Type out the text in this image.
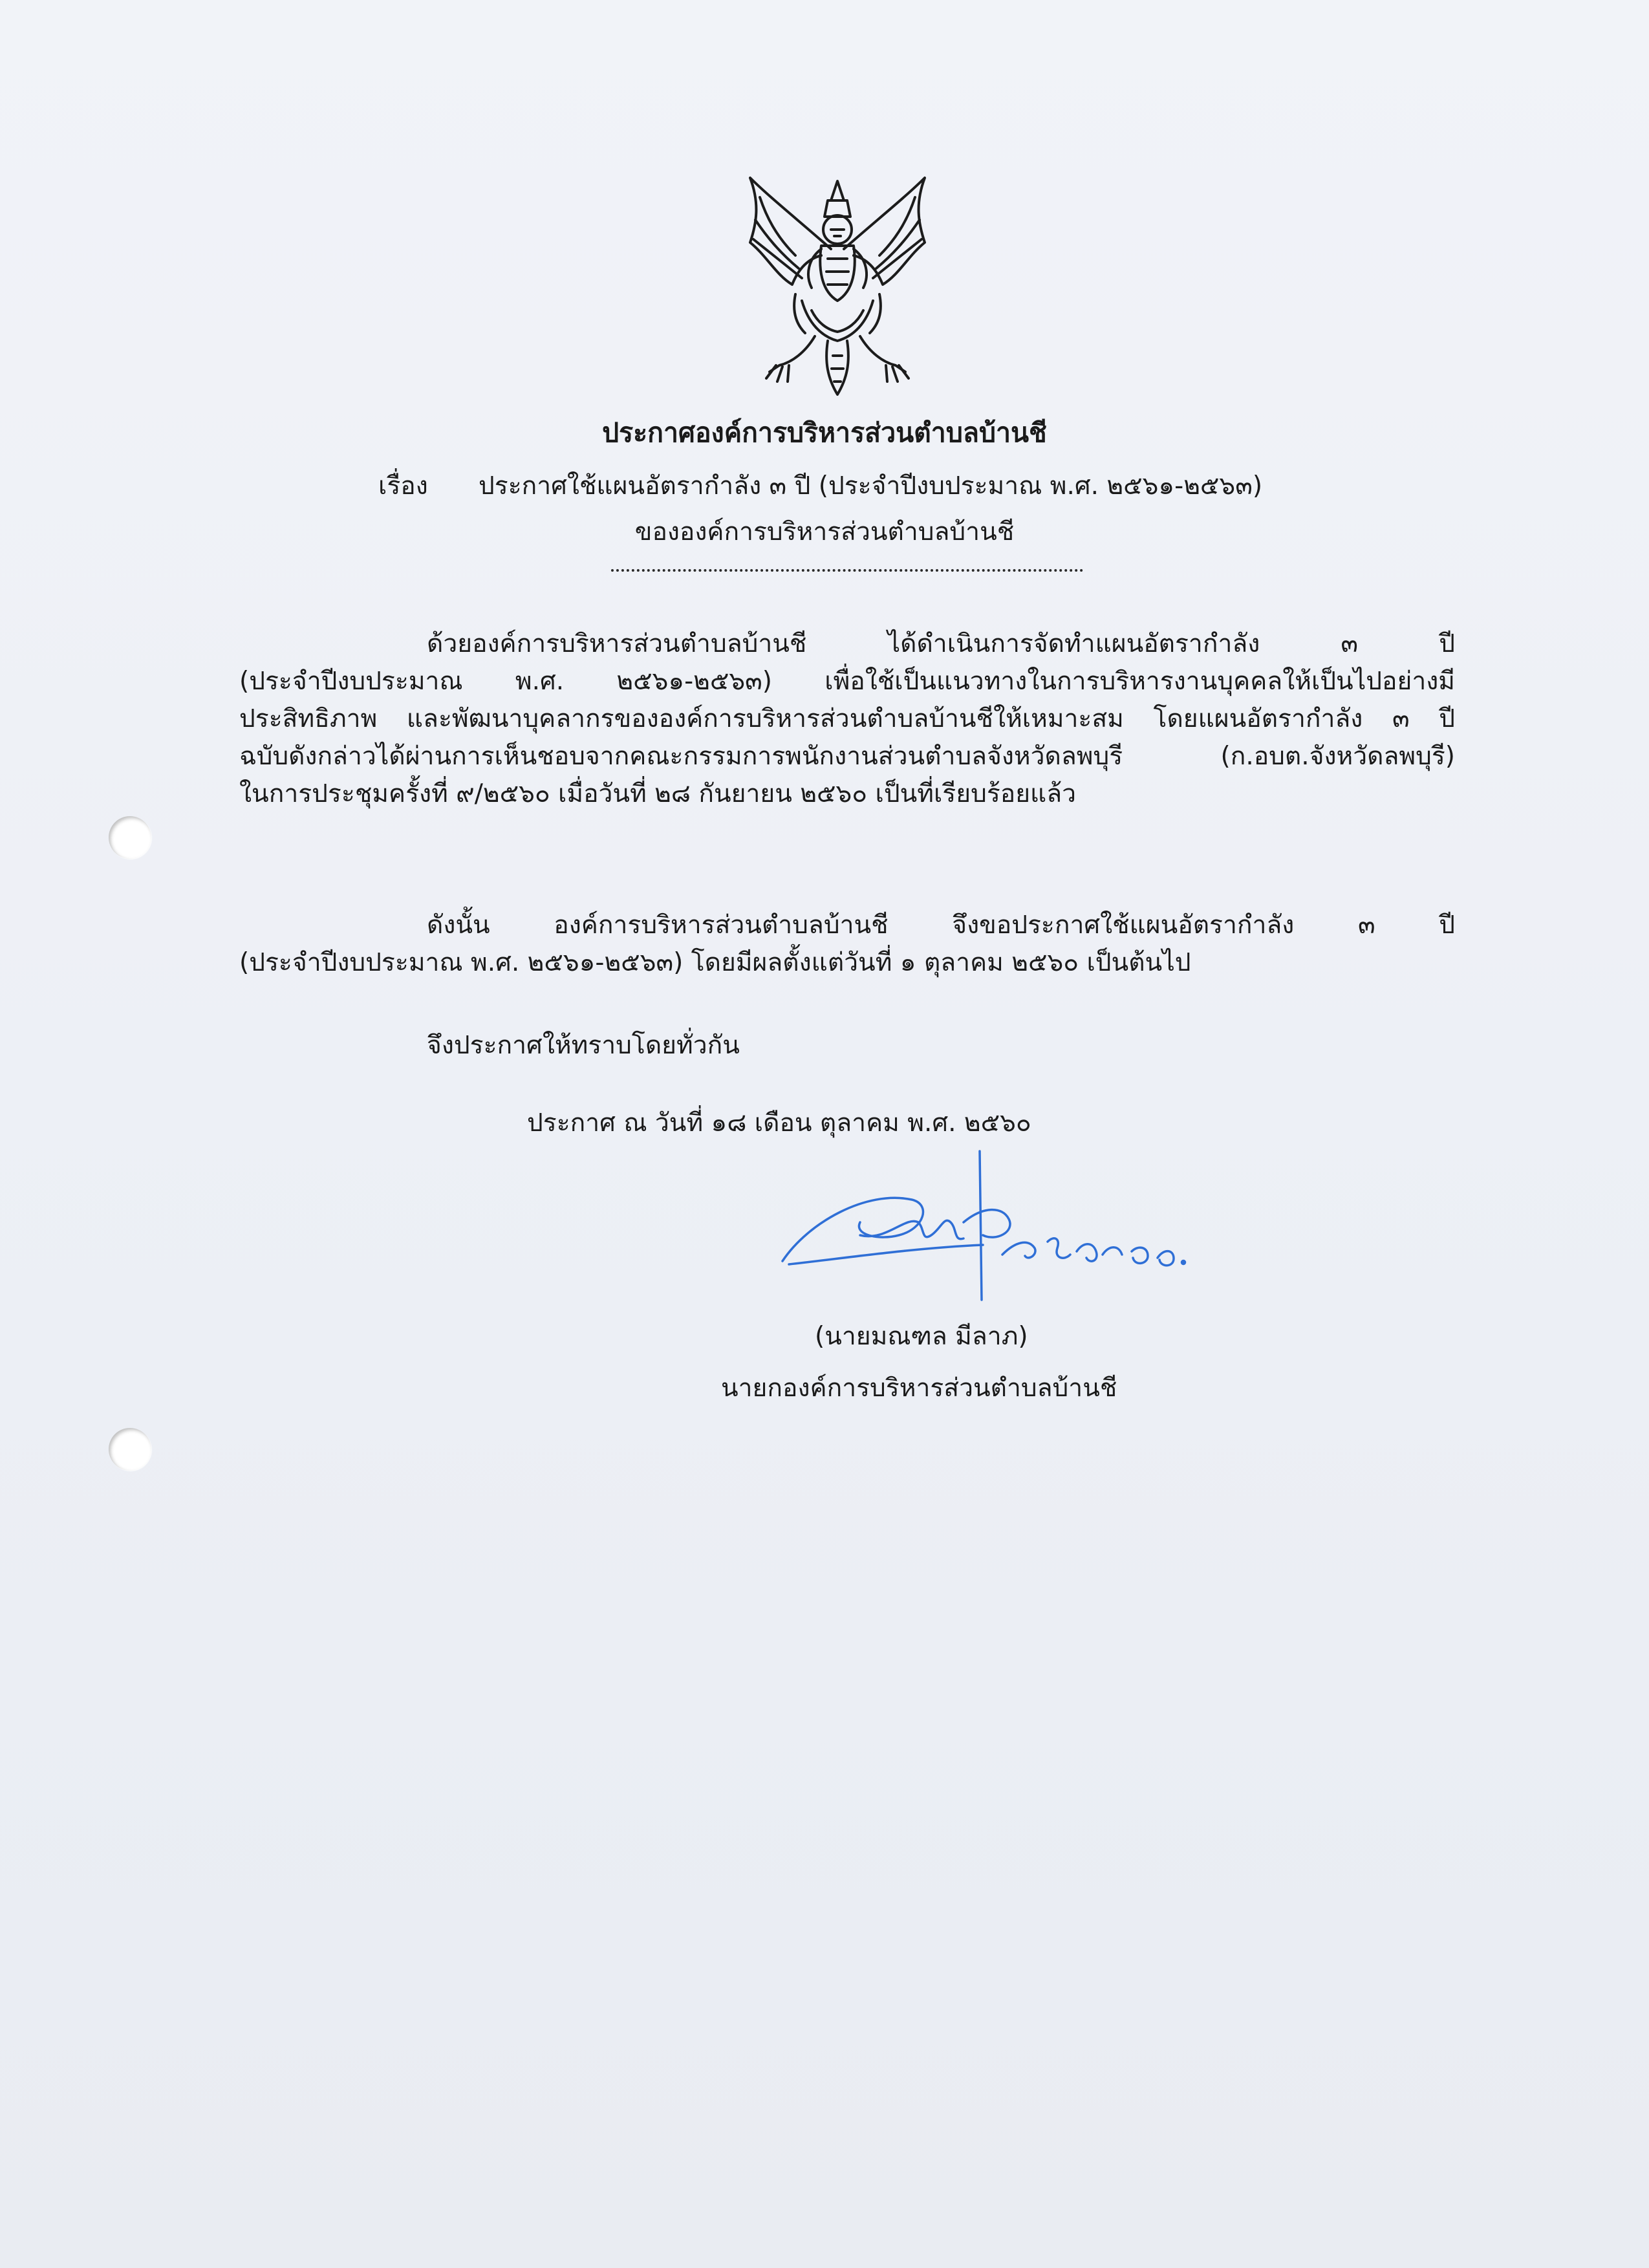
ประกาศองค์การบริหารส่วนตำบลบ้านชี
เรื่อง ประกาศใช้แผนอัตรากำลัง ๓ ปี (ประจำปีงบประมาณ พ.ศ. ๒๕๖๑-๒๕๖๓)
ขององค์การบริหารส่วนตำบลบ้านชี
ด้วยองค์การบริหารส่วนตำบลบ้านชี ได้ดำเนินการจัดทำแผนอัตรากำลัง ๓ ปี
(ประจำปีงบประมาณ พ.ศ. ๒๕๖๑-๒๕๖๓) เพื่อใช้เป็นแนวทางในการบริหารงานบุคคลให้เป็นไปอย่างมี
ประสิทธิภาพ และพัฒนาบุคลากรขององค์การบริหารส่วนตำบลบ้านชีให้เหมาะสม โดยแผนอัตรากำลัง ๓ ปี
ฉบับดังกล่าวได้ผ่านการเห็นชอบจากคณะกรรมการพนักงานส่วนตำบลจังหวัดลพบุรี (ก.อบต.จังหวัดลพบุรี)
ในการประชุมครั้งที่ ๙/๒๕๖๐ เมื่อวันที่ ๒๘ กันยายน ๒๕๖๐ เป็นที่เรียบร้อยแล้ว
ดังนั้น องค์การบริหารส่วนตำบลบ้านชี จึงขอประกาศใช้แผนอัตรากำลัง ๓ ปี
(ประจำปีงบประมาณ พ.ศ. ๒๕๖๑-๒๕๖๓) โดยมีผลตั้งแต่วันที่ ๑ ตุลาคม ๒๕๖๐ เป็นต้นไป
จึงประกาศให้ทราบโดยทั่วกัน
ประกาศ ณ วันที่ ๑๘ เดือน ตุลาคม พ.ศ. ๒๕๖๐
(นายมณฑล มีลาภ)
นายกองค์การบริหารส่วนตำบลบ้านชี
